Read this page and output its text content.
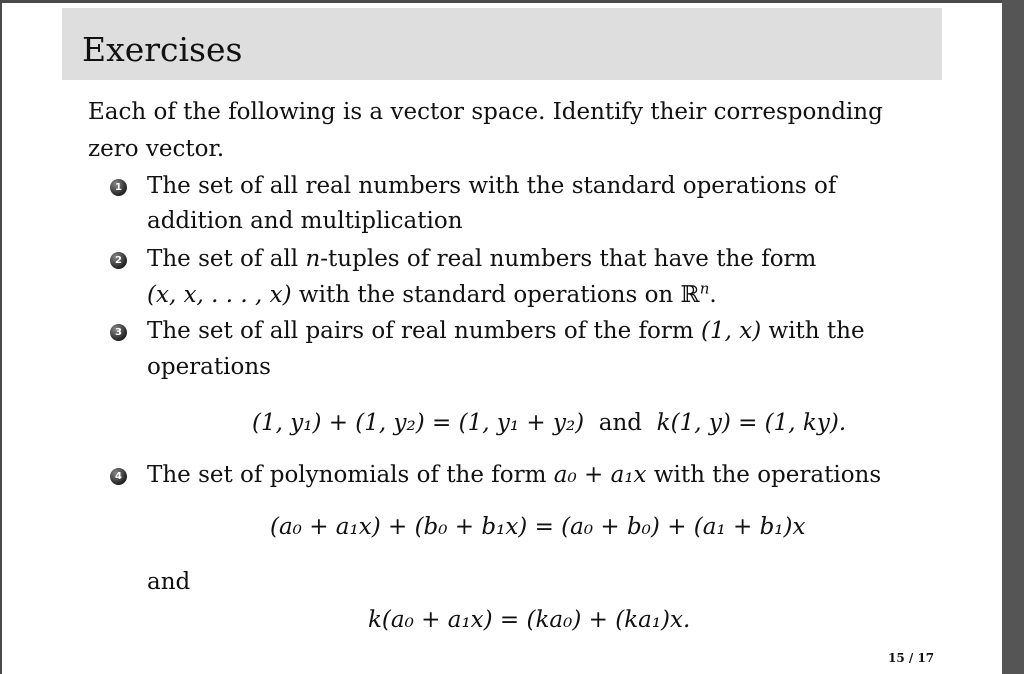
Exercises
Each of the following is a vector space. Identify their corresponding
zero vector.
1 The set of all real numbers with the standard operations of
addition and multiplication
2 The set of all n-tuples of real numbers that have the form
(x, x, . . . , x) with the standard operations on ℝ$^n$.
3 The set of all pairs of real numbers of the form (1, x) with the
operations
(1, y₁) + (1, y₂) = (1, y₁ + y₂) and k(1, y) = (1, ky).
4 The set of polynomials of the form a₀ + a₁x with the operations
(a₀ + a₁x) + (b₀ + b₁x) = (a₀ + b₀) + (a₁ + b₁)x
and
k(a₀ + a₁x) = (ka₀) + (ka₁)x.
15 / 17
